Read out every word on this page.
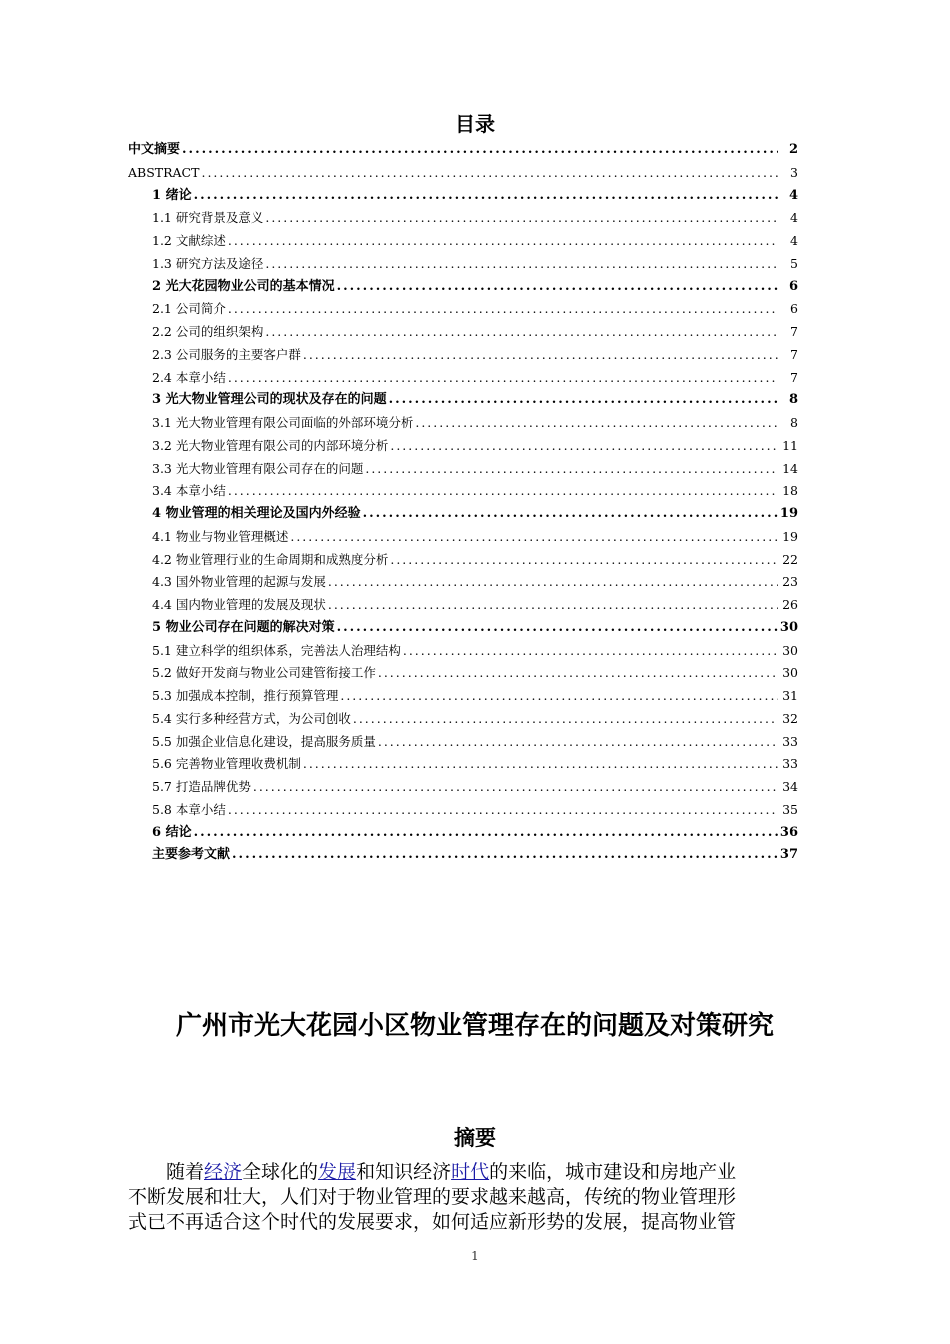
目录
中文摘要 .....	2
ABSTRACT .....	3
1 绪论 .....	4
1.1 研究背景及意义 .....	4
1.2 文献综述 .....	4
1.3 研究方法及途径 .....	5
2 光大花园物业公司的基本情况 .....	6
2.1 公司简介 .....	6
2.2 公司的组织架构 .....	7
2.3 公司服务的主要客户群 .....	7
2.4 本章小结 .....	7
3 光大物业管理公司的现状及存在的问题 .....	8
3.1 光大物业管理有限公司面临的外部环境分析 .....	8
3.2 光大物业管理有限公司的内部环境分析 .....	11
3.3 光大物业管理有限公司存在的问题 .....	14
3.4 本章小结 .....	18
4 物业管理的相关理论及国内外经验 .....	19
4.1 物业与物业管理概述 .....	19
4.2 物业管理行业的生命周期和成熟度分析 .....	22
4.3 国外物业管理的起源与发展 .....	23
4.4 国内物业管理的发展及现状 .....	26
5 物业公司存在问题的解决对策 .....	30
5.1 建立科学的组织体系，完善法人治理结构 .....	30
5.2 做好开发商与物业公司建管衔接工作 .....	30
5.3 加强成本控制，推行预算管理 .....	31
5.4 实行多种经营方式，为公司创收 .....	32
5.5 加强企业信息化建设，提高服务质量 .....	33
5.6 完善物业管理收费机制 .....	33
5.7 打造品牌优势 .....	34
5.8 本章小结 .....	35
6 结论 .....	36
主要参考文献 .....	37
广州市光大花园小区物业管理存在的问题及对策研究
摘要
随着经济全球化的发展和知识经济时代的来临，城市建设和房地产业
不断发展和壮大，人们对于物业管理的要求越来越高，传统的物业管理形
式已不再适合这个时代的发展要求，如何适应新形势的发展，提高物业管
1
